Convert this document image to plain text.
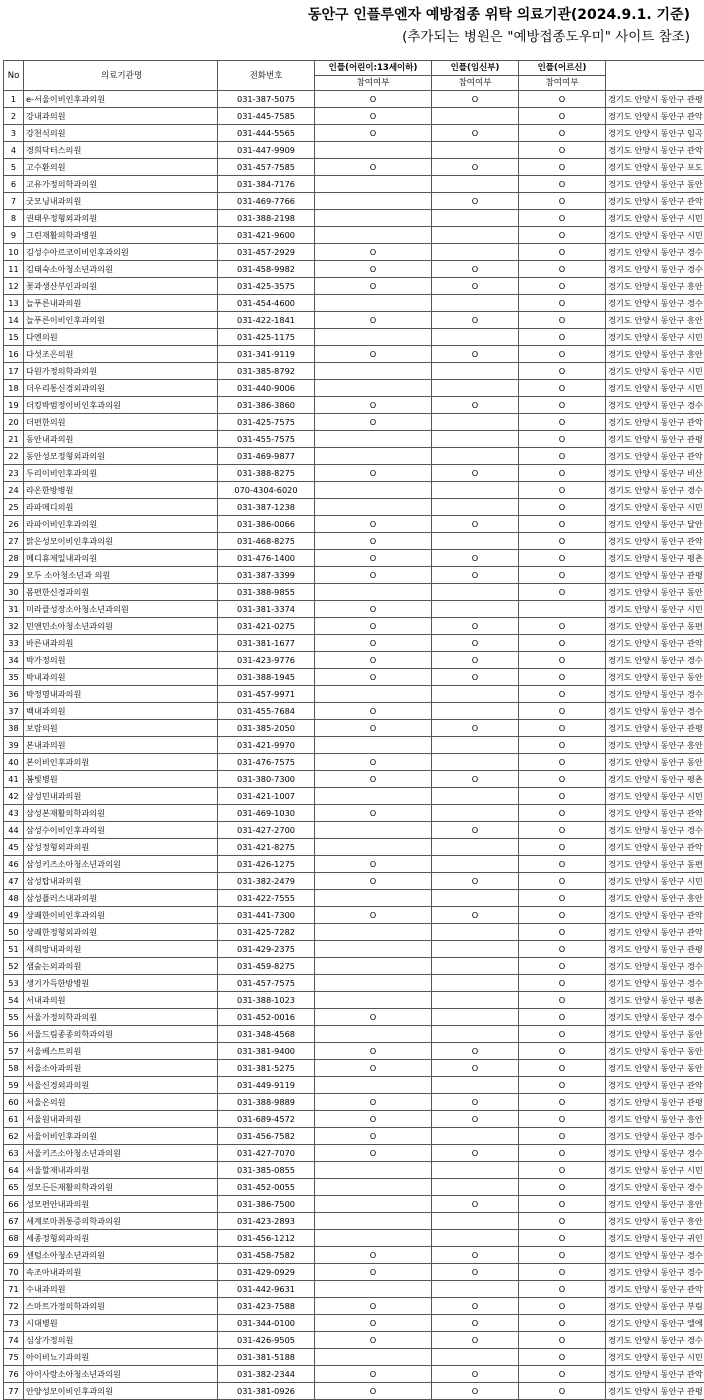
동안구 인플루엔자 예방접종 위탁 의료기관(2024.9.1. 기준)
(추가되는 병원은 "예방접종도우미" 사이트 참조)
No	의료기관명	전화번호	인플(어린이:13세이하)	인플(임신부)	인플(어르신)	
			참여여부	참여여부	참여여부	
1	e-서울이비인후과의원	031-387-5075	O	O	O	경기도 안양시 동안구 관평
2	강내과의원	031-445-7585	O		O	경기도 안양시 동안구 관악
3	강천식의원	031-444-5565	O	O	O	경기도 안양시 동안구 임곡
4	경희닥터스의원	031-447-9909			O	경기도 안양시 동안구 관악
5	고수환의원	031-457-7585	O	O	O	경기도 안양시 동안구 포도
6	고유가정의학과의원	031-384-7176			O	경기도 안양시 동안구 동안
7	굿모닝내과의원	031-469-7766		O	O	경기도 안양시 동안구 관악
8	권태우정형외과의원	031-388-2198			O	경기도 안양시 동안구 시민
9	그린재활의학과병원	031-421-9600			O	경기도 안양시 동안구 시민
10	김성수아르코이비인후과의원	031-457-2929	O		O	경기도 안양시 동안구 경수
11	김태숙소아청소년과의원	031-458-9982	O	O	O	경기도 안양시 동안구 경수
12	꽃과생산부인과의원	031-425-3575	O	O	O	경기도 안양시 동안구 흥안
13	늘푸른내과의원	031-454-4600			O	경기도 안양시 동안구 경수
14	늘푸른이비인후과의원	031-422-1841	O	O	O	경기도 안양시 동안구 흥안
15	다엔의원	031-425-1175			O	경기도 안양시 동안구 시민
16	다섯조은의원	031-341-9119	O	O	O	경기도 안양시 동안구 흥안
17	다원가정의학과의원	031-385-8792			O	경기도 안양시 동안구 시민
18	더우리통신경외과의원	031-440-9006			O	경기도 안양시 동안구 시민
19	더킹박범정이비인후과의원	031-386-3860	O	O	O	경기도 안양시 동안구 경수
20	더편한의원	031-425-7575	O		O	경기도 안양시 동안구 관악
21	동안내과의원	031-455-7575			O	경기도 안양시 동안구 관평
22	동안성모정형외과의원	031-469-9877			O	경기도 안양시 동안구 관악
23	두리이비인후과의원	031-388-8275	O	O	O	경기도 안양시 동안구 비산
24	라온한방병원	070-4304-6020			O	경기도 안양시 동안구 경수
25	라파메디의원	031-387-1238			O	경기도 안양시 동안구 시민
26	라파이비인후과의원	031-386-0066	O	O	O	경기도 안양시 동안구 달안
27	맑은성모이비인후과의원	031-468-8275	O		O	경기도 안양시 동안구 관악
28	메디휴제일내과의원	031-476-1400	O	O	O	경기도 안양시 동안구 평촌
29	모두 소아청소년과 의원	031-387-3399	O	O	O	경기도 안양시 동안구 관평
30	몸편한신경과의원	031-388-9855			O	경기도 안양시 동안구 동안
31	미라클성장소아청소년과의원	031-381-3374	O			경기도 안양시 동안구 시민
32	민앤민소아청소년과의원	031-421-0275	O	O	O	경기도 안양시 동안구 동편
33	바른내과의원	031-381-1677	O	O	O	경기도 안양시 동안구 관악
34	박가정의원	031-423-9776	O	O	O	경기도 안양시 동안구 경수
35	박내과의원	031-388-1945	O	O	O	경기도 안양시 동안구 동안
36	박정명내과의원	031-457-9971			O	경기도 안양시 동안구 경수
37	백내과의원	031-455-7684	O		O	경기도 안양시 동안구 경수
38	보람의원	031-385-2050	O	O	O	경기도 안양시 동안구 관평
39	본내과의원	031-421-9970			O	경기도 안양시 동안구 흥안
40	본이비인후과의원	031-476-7575	O		O	경기도 안양시 동안구 동안
41	봄빛병원	031-380-7300	O	O	O	경기도 안양시 동안구 평촌
42	삼성민내과의원	031-421-1007			O	경기도 안양시 동안구 시민
43	삼성본재활의학과의원	031-469-1030	O		O	경기도 안양시 동안구 관악
44	삼성수이비인후과의원	031-427-2700		O	O	경기도 안양시 동안구 경수
45	삼성정형외과의원	031-421-8275			O	경기도 안양시 동안구 관악
46	삼성키즈소아청소년과의원	031-426-1275	O		O	경기도 안양시 동안구 동편
47	삼성탑내과의원	031-382-2479	O	O	O	경기도 안양시 동안구 시민
48	삼성플러스내과의원	031-422-7555			O	경기도 안양시 동안구 흥안
49	상쾌한이비인후과의원	031-441-7300	O	O	O	경기도 안양시 동안구 관악
50	상쾌한정형외과의원	031-425-7282			O	경기도 안양시 동안구 관악
51	새희망내과의원	031-429-2375			O	경기도 안양시 동안구 관평
52	샘숲는외과의원	031-459-8275			O	경기도 안양시 동안구 경수
53	생기가득한방병원	031-457-7575			O	경기도 안양시 동안구 경수
54	서내과의원	031-388-1023			O	경기도 안양시 동안구 평촌
55	서울가정의학과의원	031-452-0016	O		O	경기도 안양시 동안구 경수
56	서울드림종종의학과의원	031-348-4568			O	경기도 안양시 동안구 동안
57	서울베스트의원	031-381-9400	O	O	O	경기도 안양시 동안구 동안
58	서울소아과의원	031-381-5275	O	O	O	경기도 안양시 동안구 동안
59	서울신경외과의원	031-449-9119			O	경기도 안양시 동안구 관악
60	서울온의원	031-388-9889	O	O	O	경기도 안양시 동안구 관평
61	서울원내과의원	031-689-4572	O	O	O	경기도 안양시 동안구 흥안
62	서울이비인후과의원	031-456-7582	O		O	경기도 안양시 동안구 경수
63	서울키즈소아청소년과의원	031-427-7070	O	O	O	경기도 안양시 동안구 경수
64	서울할재내과의원	031-385-0855			O	경기도 안양시 동안구 시민
65	성모든든재활의학과의원	031-452-0055			O	경기도 안양시 동안구 경수
66	성모편안내과의원	031-386-7500		O	O	경기도 안양시 동안구 흥안
67	세계로마취통증의학과의원	031-423-2893			O	경기도 안양시 동안구 흥안
68	세종정형외과의원	031-456-1212			O	경기도 안양시 동안구 귀인
69	센텀소아청소년과의원	031-458-7582	O	O	O	경기도 안양시 동안구 경수
70	속조아내과의원	031-429-0929	O	O	O	경기도 안양시 동안구 경수
71	수내과의원	031-442-9631			O	경기도 안양시 동안구 관악
72	스마트가정의학과의원	031-423-7588	O	O	O	경기도 안양시 동안구 부림
73	시대병원	031-344-0100	O	O	O	경기도 안양시 동안구 엘에
74	심상가정의원	031-426-9505	O	O	O	경기도 안양시 동안구 경수
75	아이비뇨기과의원	031-381-5188			O	경기도 안양시 동안구 시민
76	아이사랑소아청소년과의원	031-382-2344	O	O	O	경기도 안양시 동안구 관악
77	안양성모이비인후과의원	031-381-0926	O	O	O	경기도 안양시 동안구 관평
